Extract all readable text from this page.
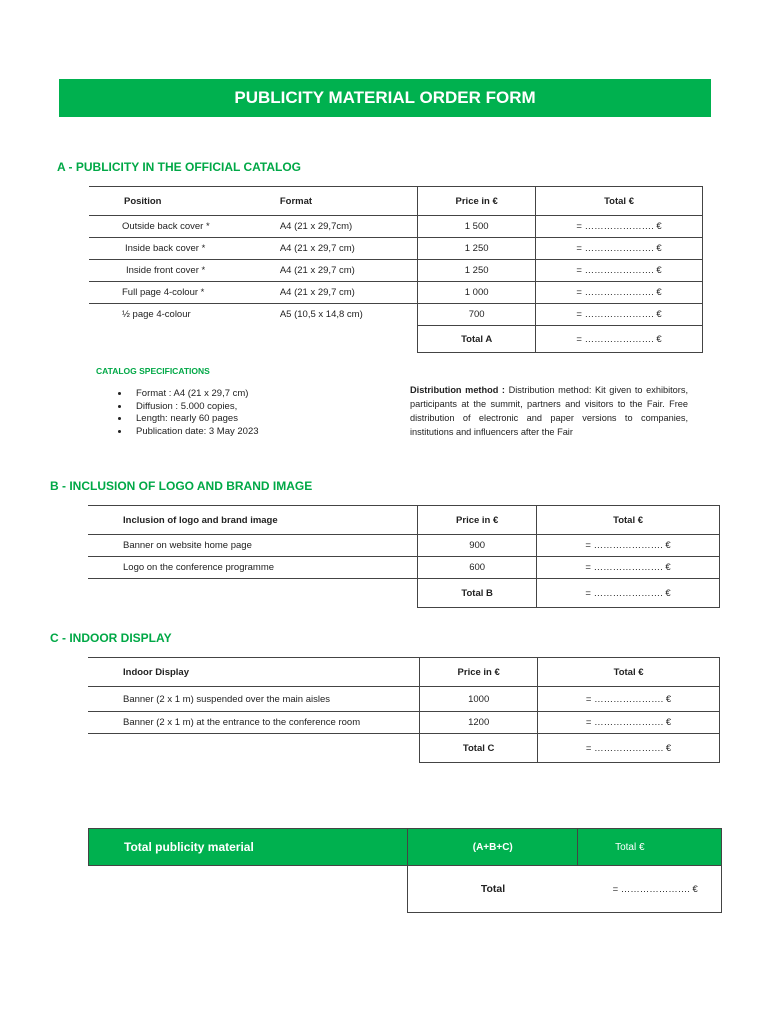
PUBLICITY MATERIAL ORDER FORM
A - PUBLICITY IN THE OFFICIAL CATALOG
Position	Format	Price in €	Total €
Outside back cover *	A4 (21 x 29,7cm)	1 500	= …………………. €
Inside back cover *	A4 (21 x 29,7 cm)	1 250	= …………………. €
Inside front cover *	A4 (21 x 29,7 cm)	1 250	= …………………. €
Full page 4-colour *	A4 (21 x 29,7 cm)	1 000	= …………………. €
½ page 4-colour	A5 (10,5 x 14,8 cm)	700	= …………………. €
		Total A	= …………………. €
CATALOG SPECIFICATIONS
• Format : A4 (21 x 29,7 cm)
• Diffusion : 5.000 copies,
• Length: nearly 60 pages
• Publication date: 3 May 2023
Distribution method : Distribution method: Kit given to exhibitors, participants at the summit, partners and visitors to the Fair. Free distribution of electronic and paper versions to companies, institutions and influencers after the Fair
B - INCLUSION OF LOGO AND BRAND IMAGE
Inclusion of logo and brand image	Price in €	Total €
Banner on website home page	900	= …………………. €
Logo on the conference programme	600	= …………………. €
	Total B	= …………………. €
C - INDOOR DISPLAY
Indoor Display	Price in €	Total €
Banner (2 x 1 m) suspended over the main aisles	1000	= …………………. €
Banner (2 x 1 m) at the entrance to the conference room	1200	= …………………. €
	Total C	= …………………. €
Total publicity material	(A+B+C)	Total €
	Total	= …………………. €
